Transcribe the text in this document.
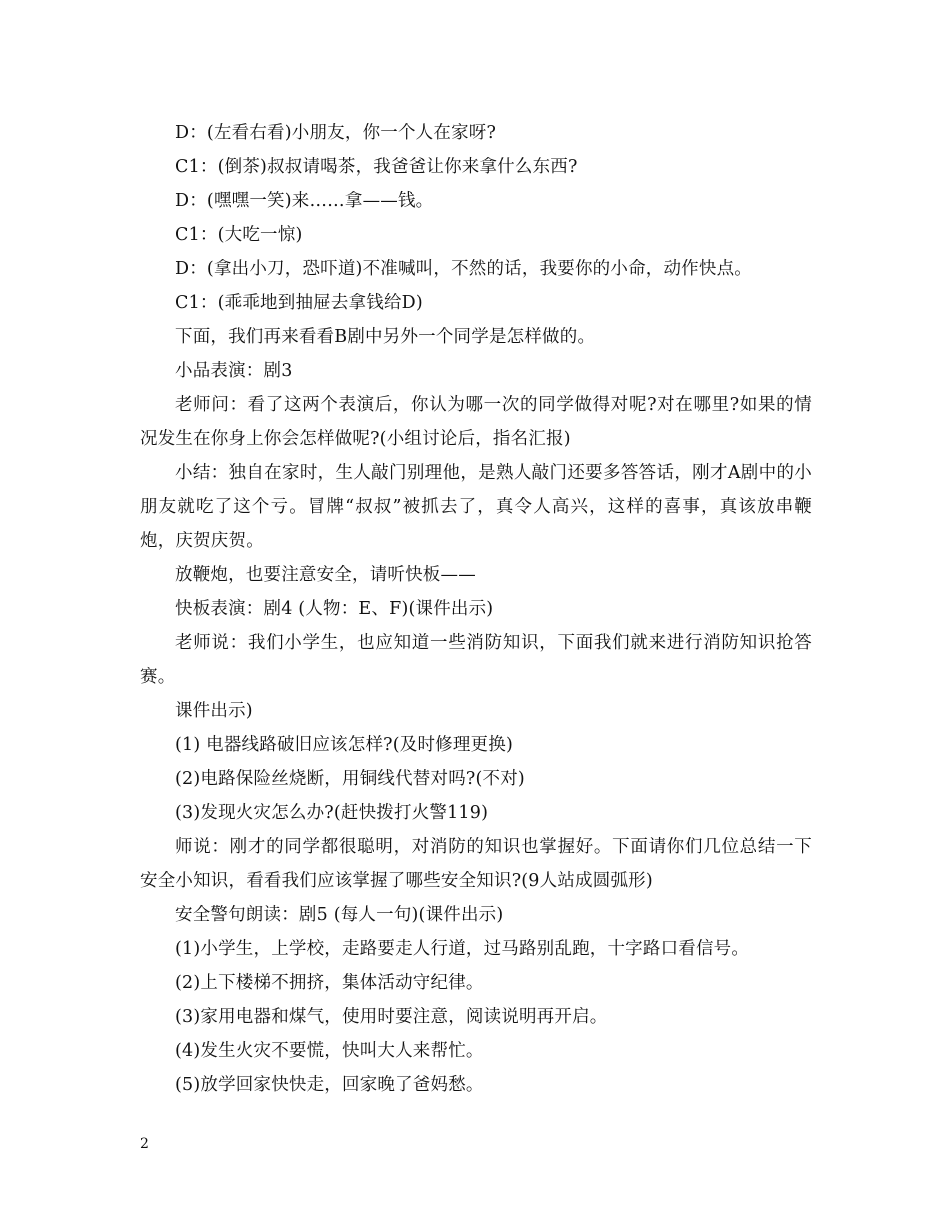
D：(左看右看)小朋友，你一个人在家呀?

C1：(倒茶)叔叔请喝茶，我爸爸让你来拿什么东西?

D：(嘿嘿一笑)来……拿——钱。

C1：(大吃一惊)

D：(拿出小刀，恐吓道)不准喊叫，不然的话，我要你的小命，动作快点。

C1：(乖乖地到抽屉去拿钱给D)

下面，我们再来看看B剧中另外一个同学是怎样做的。

小品表演：剧3

老师问：看了这两个表演后，你认为哪一次的同学做得对呢?对在哪里?如果的情况发生在你身上你会怎样做呢?(小组讨论后，指名汇报)

小结：独自在家时，生人敲门别理他，是熟人敲门还要多答答话，刚才A剧中的小朋友就吃了这个亏。冒牌“叔叔”被抓去了，真令人高兴，这样的喜事，真该放串鞭炮，庆贺庆贺。

放鞭炮，也要注意安全，请听快板——

快板表演：剧4 (人物：E、F)(课件出示)

老师说：我们小学生，也应知道一些消防知识，下面我们就来进行消防知识抢答赛。

课件出示)

(1) 电器线路破旧应该怎样?(及时修理更换)

(2)电路保险丝烧断，用铜线代替对吗?(不对)

(3)发现火灾怎么办?(赶快拨打火警119)

师说：刚才的同学都很聪明，对消防的知识也掌握好。下面请你们几位总结一下安全小知识，看看我们应该掌握了哪些安全知识?(9人站成圆弧形)

安全警句朗读：剧5 (每人一句)(课件出示)

(1)小学生，上学校，走路要走人行道，过马路别乱跑，十字路口看信号。

(2)上下楼梯不拥挤，集体活动守纪律。

(3)家用电器和煤气，使用时要注意，阅读说明再开启。

(4)发生火灾不要慌，快叫大人来帮忙。

(5)放学回家快快走，回家晚了爸妈愁。

2
